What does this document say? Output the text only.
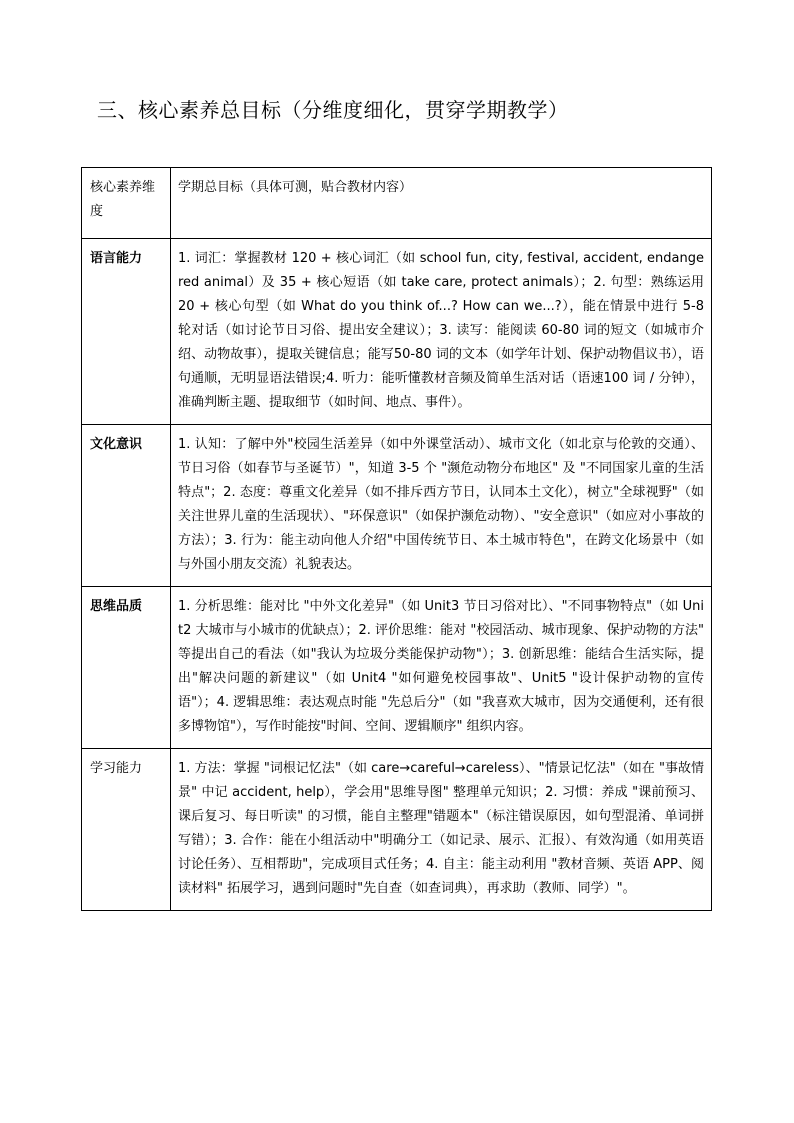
三、核心素养总目标（分维度细化，贯穿学期教学）
核心素养维度	学期总目标（具体可测，贴合教材内容）
语言能力	1. 词汇：掌握教材 120 + 核心词汇（如 school fun, city, festival, accident, endangered animal）及 35 + 核心短语（如 take care, protect animals）；2. 句型：熟练运用 20 + 核心句型（如 What do you think of...? How can we...?），能在情景中进行 5-8 轮对话（如讨论节日习俗、提出安全建议）；3. 读写：能阅读 60-80 词的短文（如城市介绍、动物故事），提取关键信息；能写50-80 词的文本（如学年计划、保护动物倡议书），语句通顺，无明显语法错误;4. 听力：能听懂教材音频及简单生活对话（语速100 词 / 分钟），准确判断主题、提取细节（如时间、地点、事件）。
文化意识	1. 认知：了解中外"校园生活差异（如中外课堂活动）、城市文化（如北京与伦敦的交通）、节日习俗（如春节与圣诞节）"，知道 3-5 个 "濒危动物分布地区" 及 "不同国家儿童的生活特点"；2. 态度：尊重文化差异（如不排斥西方节日，认同本土文化），树立"全球视野"（如关注世界儿童的生活现状）、"环保意识"（如保护濒危动物）、"安全意识"（如应对小事故的方法）；3. 行为：能主动向他人介绍"中国传统节日、本土城市特色"，在跨文化场景中（如与外国小朋友交流）礼貌表达。
思维品质	1. 分析思维：能对比 "中外文化差异"（如 Unit3 节日习俗对比）、"不同事物特点"（如 Unit2 大城市与小城市的优缺点）；2. 评价思维：能对 "校园活动、城市现象、保护动物的方法" 等提出自己的看法（如"我认为垃圾分类能保护动物"）；3. 创新思维：能结合生活实际，提出"解决问题的新建议"（如 Unit4 "如何避免校园事故"、Unit5 "设计保护动物的宣传语"）；4. 逻辑思维：表达观点时能 "先总后分"（如 "我喜欢大城市，因为交通便利，还有很多博物馆"），写作时能按"时间、空间、逻辑顺序" 组织内容。
学习能力	1. 方法：掌握 "词根记忆法"（如 care→careful→careless）、"情景记忆法"（如在 "事故情景" 中记 accident, help），学会用"思维导图" 整理单元知识；2. 习惯：养成 "课前预习、课后复习、每日听读" 的习惯，能自主整理"错题本"（标注错误原因，如句型混淆、单词拼写错）；3. 合作：能在小组活动中"明确分工（如记录、展示、汇报）、有效沟通（如用英语讨论任务）、互相帮助"，完成项目式任务；4. 自主：能主动利用 "教材音频、英语 APP、阅读材料" 拓展学习，遇到问题时"先自查（如查词典），再求助（教师、同学）"。
